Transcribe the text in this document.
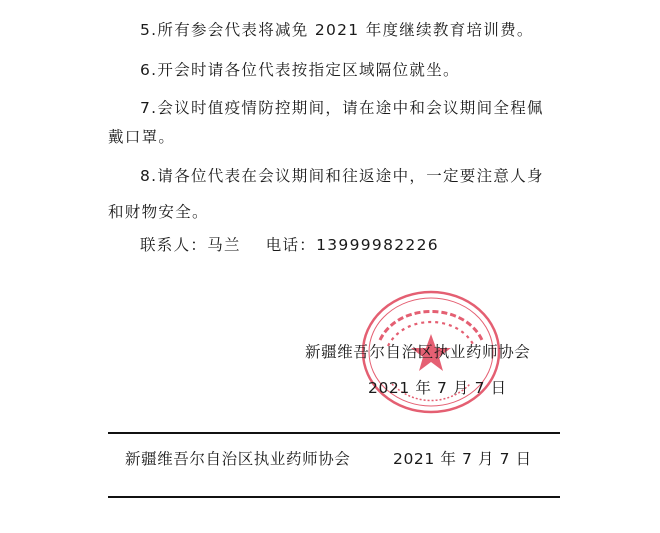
5.所有参会代表将减免 2021 年度继续教育培训费。
6.开会时请各位代表按指定区域隔位就坐。
7.会议时值疫情防控期间，请在途中和会议期间全程佩
戴口罩。
8.请各位代表在会议期间和往返途中，一定要注意人身
和财物安全。
联系人：马兰    电话：13999982226
新疆维吾尔自治区执业药师协会
2021 年 7 月 7 日
新疆维吾尔自治区执业药师协会	2021 年 7 月 7 日
